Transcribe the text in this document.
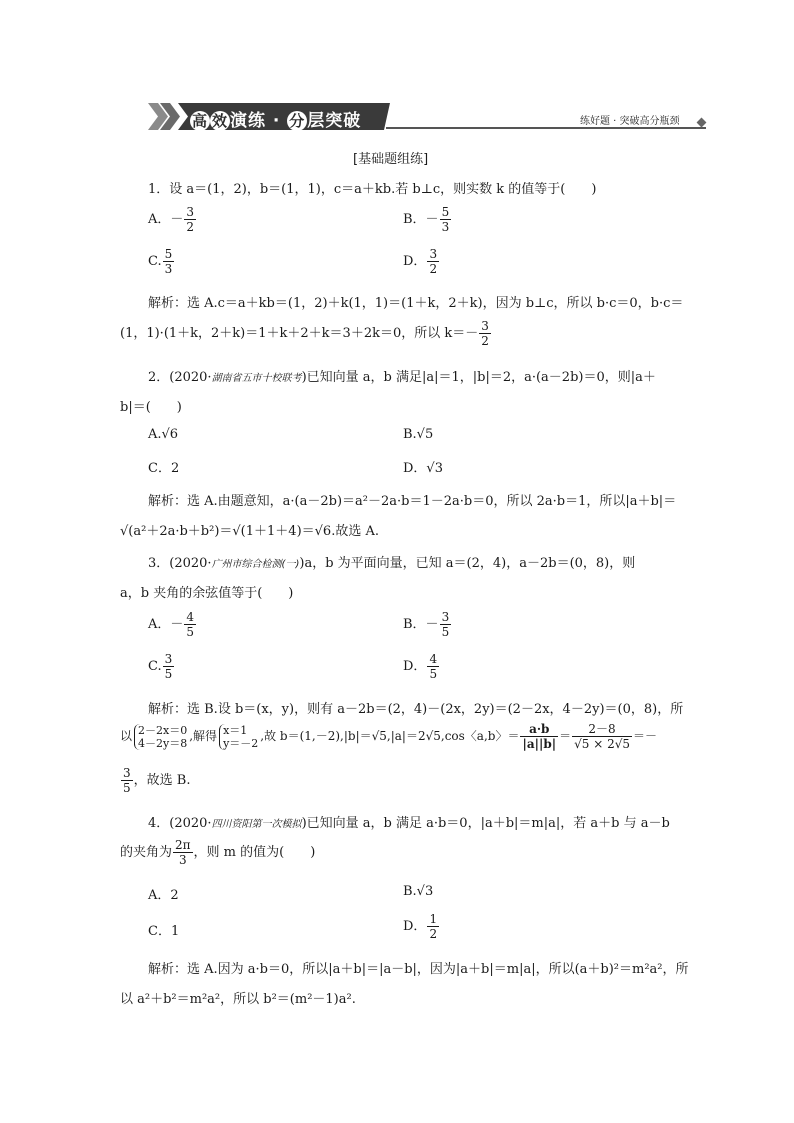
高 效 演练 · 分 层突破	练好题 · 突破高分瓶颈
[基础题组练]
1．设 a＝(1，2)，b＝(1，1)，c＝a＋kb.若 b⊥c，则实数 k 的值等于(　　)
A．－ $\frac{3}{2}$	B．－ $\frac{5}{3}$
C. $\frac{5}{3}$	D． $\frac{3}{2}$
解析：选 A.c＝a＋kb＝(1，2)＋k(1，1)＝(1＋k，2＋k)，因为 b⊥c，所以 b·c＝0，b·c＝
(1，1)·(1＋k，2＋k)＝1＋k＋2＋k＝3＋2k＝0，所以 $k=- \frac{3}{2}$
2．(2020·湖南省五市十校联考)已知向量 a，b 满足|a|＝1，|b|＝2，a·(a－2b)＝0，则|a＋
b|＝(　　)
A.√6	B.√5
C．2	D．√3
解析：选 A.由题意知，a·(a－2b)＝a²－2a·b＝1－2a·b＝0，所以 2a·b＝1，所以|a＋b|＝
√(a²＋2a·b＋b²)＝√(1＋1＋4)＝√6.故选 A.
3．(2020·广州市综合检测(一))a，b 为平面向量，已知 a＝(2，4)，a－2b＝(0，8)，则
a，b 夹角的余弦值等于(　　)
A．－ $\frac{4}{5}$	B．－ $\frac{3}{5}$
C. $\frac{3}{5}$	D． $\frac{4}{5}$
解析：选 B.设 b＝(x，y)，则有 a－2b＝(2，4)－(2x，2y)＝(2－2x，4－2y)＝(0，8)，所
以 2－2x＝0
4－2y＝8 ,解得 x＝1
y＝－2 ,故 b＝(1,－2),|b|＝√5,|a|＝2√5,cos〈a,b〉＝ $\frac{a\cdot b}{|a||b|} = \frac{2-8}{√5 \times 2√5}$ ＝－
$\frac{3}{5}$ ，故选 B.
4．(2020·四川资阳第一次模拟)已知向量 a，b 满足 a·b＝0，|a＋b|＝m|a|，若 a＋b 与 a－b
的夹角为 $\frac{2\pi}{3}$ ，则 m 的值为(　　)
A．2	B.√3
C．1	D． $\frac{1}{2}$
解析：选 A.因为 a·b＝0，所以|a＋b|＝|a－b|，因为|a＋b|＝m|a|，所以(a＋b)²＝m²a²，所
以 a²＋b²＝m²a²，所以 b²＝(m²－1)a².
